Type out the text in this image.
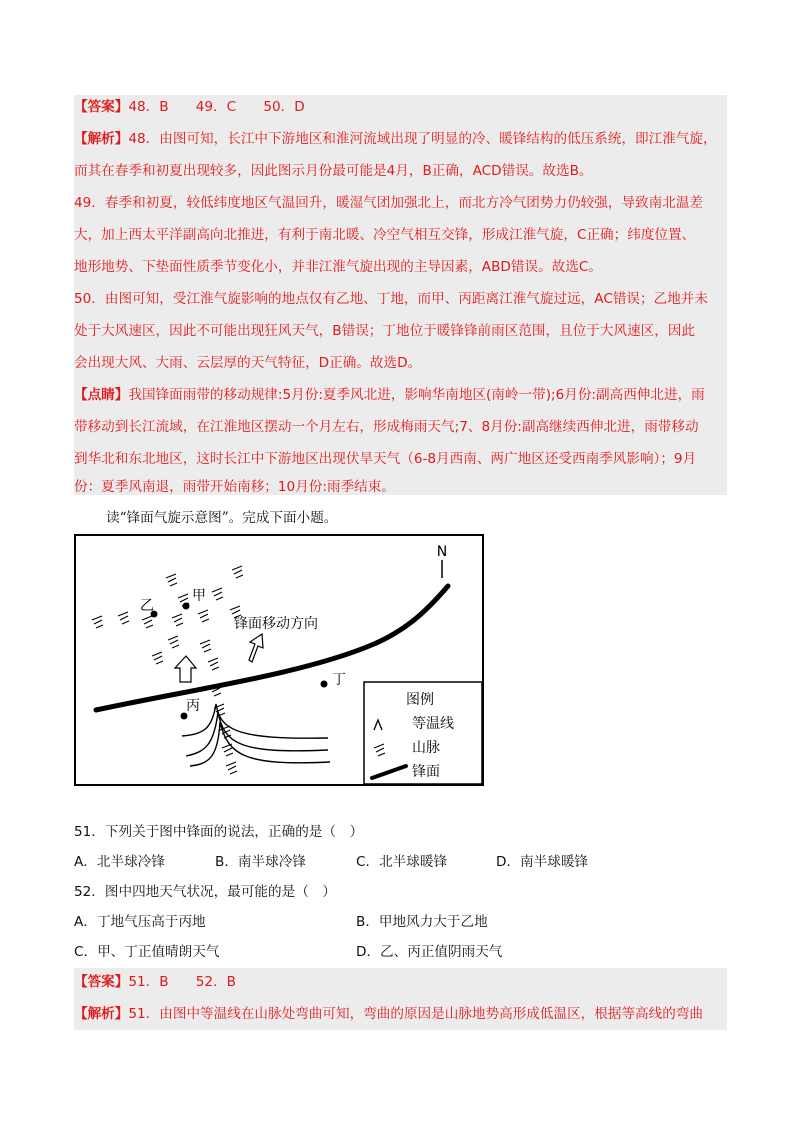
【答案】48．B　　49．C　　50．D
【解析】48．由图可知，长江中下游地区和淮河流域出现了明显的冷、暖锋结构的低压系统，即江淮气旋，
而其在春季和初夏出现较多，因此图示月份最可能是4月，B正确，ACD错误。故选B。
49．春季和初夏，较低纬度地区气温回升，暖湿气团加强北上，而北方冷气团势力仍较强，导致南北温差
大，加上西太平洋副高向北推进，有利于南北暖、冷空气相互交锋，形成江淮气旋，C正确；纬度位置、
地形地势、下垫面性质季节变化小，并非江淮气旋出现的主导因素，ABD错误。故选C。
50．由图可知，受江淮气旋影响的地点仅有乙地、丁地，而甲、丙距离江淮气旋过远，AC错误；乙地并未
处于大风速区，因此不可能出现狂风天气，B错误；丁地位于暖锋锋前雨区范围，且位于大风速区，因此
会出现大风、大雨、云层厚的天气特征，D正确。故选D。
【点睛】我国锋面雨带的移动规律:5月份:夏季风北进，影响华南地区(南岭一带);6月份:副高西伸北进，雨
带移动到长江流域，在江淮地区摆动一个月左右，形成梅雨天气;7、8月份:副高继续西伸北进，雨带移动
到华北和东北地区，这时长江中下游地区出现伏旱天气（6-8月西南、两广地区还受西南季风影响）；9月
份：夏季风南退，雨带开始南移；10月份:雨季结束。
读“锋面气旋示意图”。完成下面小题。
N
锋面移动方向
乙
甲
丁
丙	图例
等温线
山脉
锋面
51．下列关于图中锋面的说法，正确的是（　）
A．北半球冷锋	B．南半球冷锋	C．北半球暖锋	D．南半球暖锋
52．图中四地天气状况，最可能的是（　）
A．丁地气压高于丙地	B．甲地风力大于乙地
C．甲、丁正值晴朗天气	D．乙、丙正值阴雨天气
【答案】51．B　　52．B
【解析】51．由图中等温线在山脉处弯曲可知，弯曲的原因是山脉地势高形成低温区，根据等高线的弯曲
